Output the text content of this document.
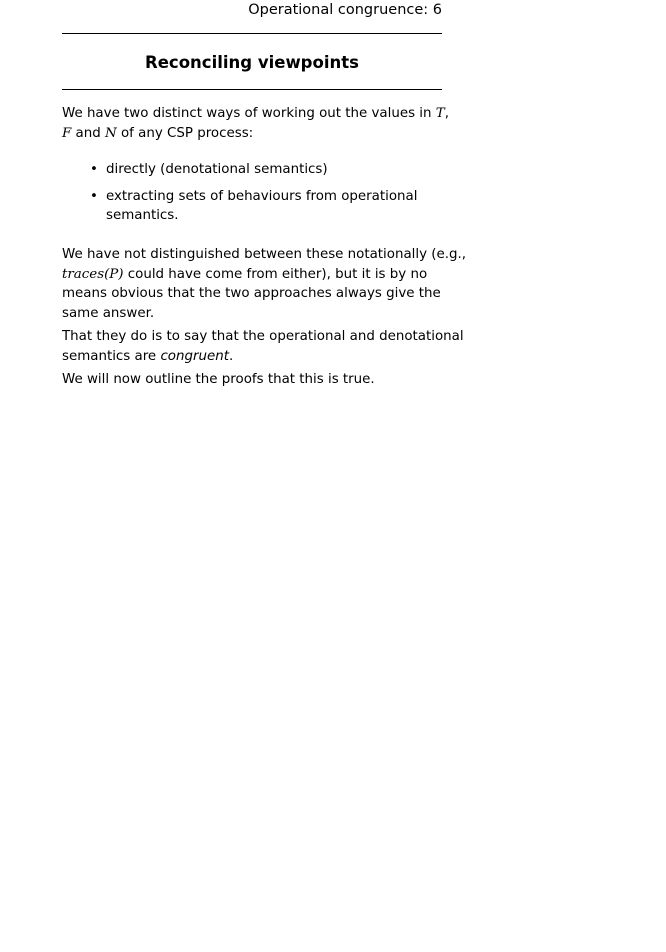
Operational congruence: 6
Reconciling viewpoints
We have two distinct ways of working out the values in T,
F and N of any CSP process:
• directly (denotational semantics)
• extracting sets of behaviours from operational
semantics.
We have not distinguished between these notationally (e.g.,
traces(P) could have come from either), but it is by no
means obvious that the two approaches always give the
same answer.
That they do is to say that the operational and denotational
semantics are congruent.
We will now outline the proofs that this is true.
